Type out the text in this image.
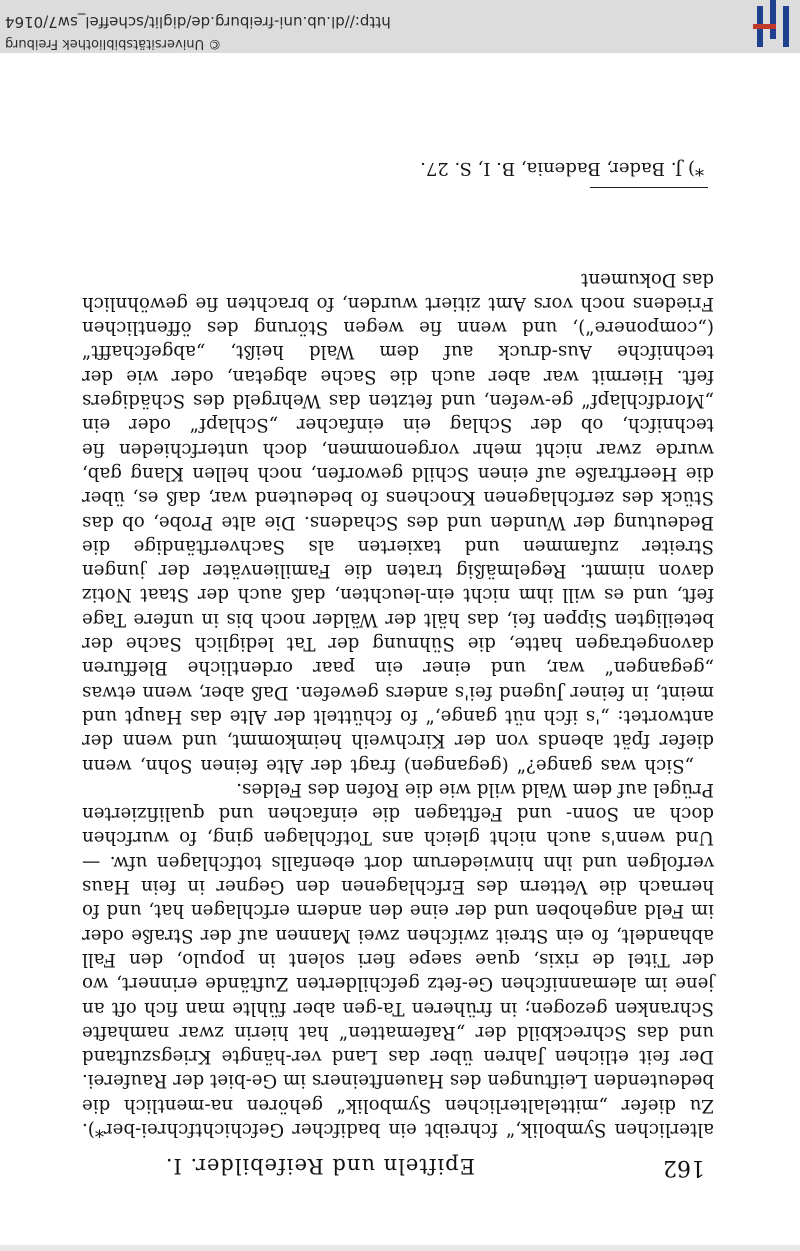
162
Epifteln und Reifebilder. I.

alterlichen Symbolik,“ fchreibt ein badifcher Gefchichtfchrei-ber*). Zu diefer „mittelalterlichen Symbolik“ gehören na-mentlich die bedeutenden Leiftungen des Hauenfteiners im Ge-biet der Rauferei. Der feit etlichen Jahren über das Land ver-hängte Kriegszuftand und das Schreckbild der „Rafematten“ hat hierin zwar namhafte Schranken gezogen; in früheren Ta-gen aber fühlte man fich oft an jene im alemannifchen Ge-fetz gefchilderten Zuftände erinnert, wo der Titel de rixis, quae saepe fieri solent in populo, den Fall abhandelt, fo ein Streit zwifchen zwei Mannen auf der Straße oder im Feld angehoben und der eine den andern erfchlagen hat, und fo hernach die Vettern des Erfchlagenen den Gegner in fein Haus verfolgen und ihn hinwiederum dort ebenfalls totfchlagen ufw. — Und wenn's auch nicht gleich ans Totfchlagen ging, fo wurfchen doch an Sonn- und Fefttagen die einfachen und qualifizierten Prügel auf dem Wald wild wie die Rofen des Feldes.

„Sich was gange?“ (gegangen) fragt der Alte feinen Sohn, wenn diefer fpät abends von der Kirchweih heimkommt, und wenn der antwortet: „'s ifch nüt gange,“ fo fchüttelt der Alte das Haupt und meint, in feiner Jugend fei's anders gewefen. Daß aber, wenn etwas „gegangen“ war, und einer ein paar ordentliche Bleffuren davongetragen hatte, die Sühnung der Tat lediglich Sache der beteiligten Sippen fei, das hält der Wälder noch bis in unfere Tage feft, und es will ihm nicht ein-leuchten, daß auch der Staat Notiz davon nimmt. Regelmäßig traten die Familienväter der jungen Streiter zufammen und taxierten als Sachverftändige die Bedeutung der Wunden und des Schadens. Die alte Probe, ob das Stück des zerfchlagenen Knochens fo bedeutend war, daß es, über die Heerftraße auf einen Schild geworfen, noch hellen Klang gab, wurde zwar nicht mehr vorgenommen, doch unterfchieden fie technifch, ob der Schlag ein einfacher „Schlapf“ oder ein „Mordfchlapf“ ge-wefen, und fetzten das Wehrgeld des Schädigers feft. Hiermit war aber auch die Sache abgetan, oder wie der technifche Aus-druck auf dem Wald heißt, „abgefchafft“ („componere“), und wenn fie wegen Störung des öffentlichen Friedens noch vors Amt zitiert wurden, fo brachten fie gewöhnlich das Dokument

*) J. Bader, Badenia, B. I, S. 27.
© Universitätsbibliothek Freiburg
http://dl.ub.uni-freiburg.de/diglit/scheffel_sw7/0164
